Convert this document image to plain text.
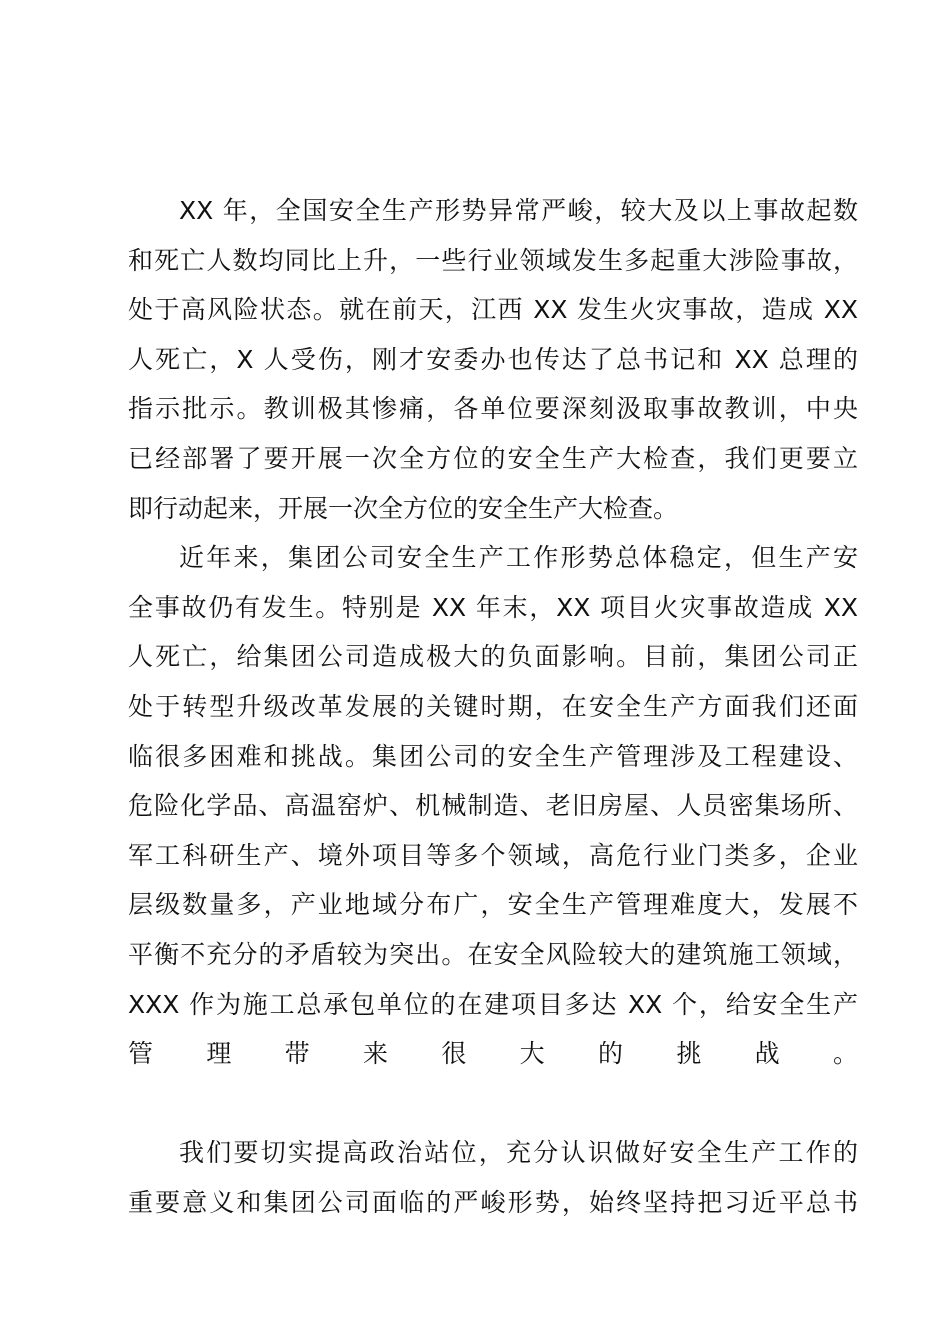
XX 年，全国安全生产形势异常严峻，较大及以上事故起数
和死亡人数均同比上升，一些行业领域发生多起重大涉险事故，
处于高风险状态。就在前天，江西 XX 发生火灾事故，造成 XX
人死亡，X 人受伤，刚才安委办也传达了总书记和 XX 总理的
指示批示。教训极其惨痛，各单位要深刻汲取事故教训，中央
已经部署了要开展一次全方位的安全生产大检查，我们更要立
即行动起来，开展一次全方位的安全生产大检查。
近年来，集团公司安全生产工作形势总体稳定，但生产安
全事故仍有发生。特别是 XX 年末，XX 项目火灾事故造成 XX
人死亡，给集团公司造成极大的负面影响。目前，集团公司正
处于转型升级改革发展的关键时期，在安全生产方面我们还面
临很多困难和挑战。集团公司的安全生产管理涉及工程建设、
危险化学品、高温窑炉、机械制造、老旧房屋、人员密集场所、
军工科研生产、境外项目等多个领域，高危行业门类多，企业
层级数量多，产业地域分布广，安全生产管理难度大，发展不
平衡不充分的矛盾较为突出。在安全风险较大的建筑施工领域，
XXX 作为施工总承包单位的在建项目多达 XX 个，给安全生产
管理带来很大的挑战。
我们要切实提高政治站位，充分认识做好安全生产工作的
重要意义和集团公司面临的严峻形势，始终坚持把习近平总书
